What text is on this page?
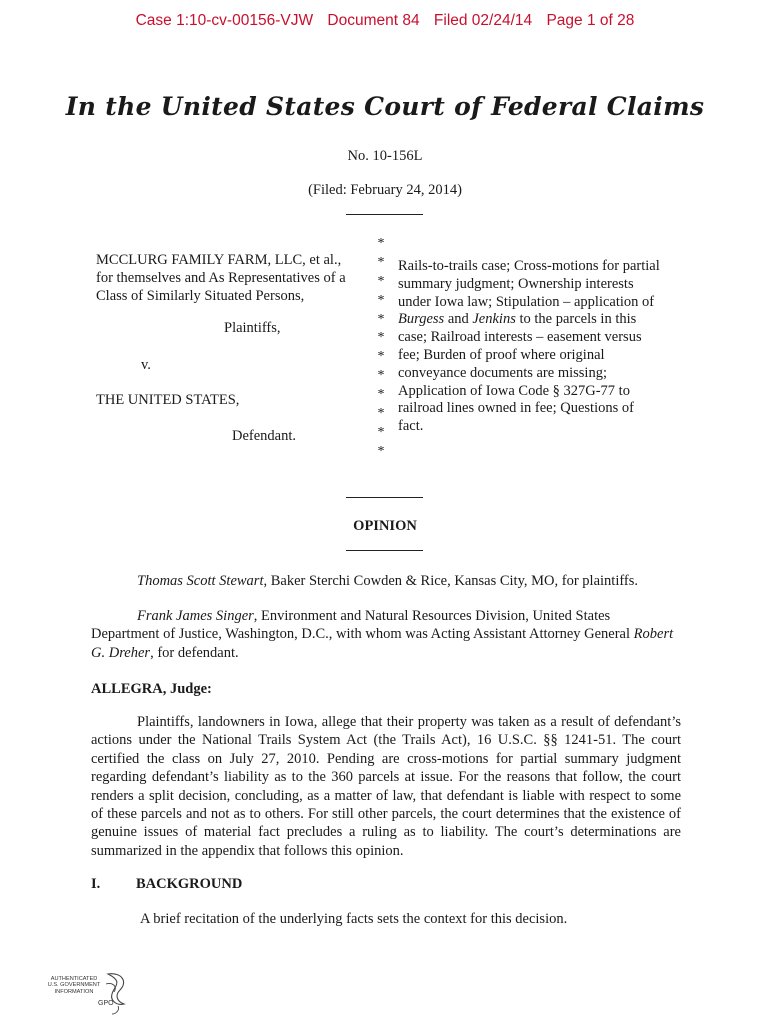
Case 1:10-cv-00156-VJW Document 84 Filed 02/24/14 Page 1 of 28
In the United States Court of Federal Claims
No. 10-156L
(Filed: February 24, 2014)
MCCLURG FAMILY FARM, LLC, et al.,
for themselves and As Representatives of a
Class of Similarly Situated Persons,
Plaintiffs,
v.
THE UNITED STATES,
Defendant.
*
*
*
*
*
*
*
*
*
*
*
*
Rails-to-trails case; Cross-motions for partial
summary judgment; Ownership interests
under Iowa law; Stipulation – application of
Burgess and Jenkins to the parcels in this
case; Railroad interests – easement versus
fee; Burden of proof where original
conveyance documents are missing;
Application of Iowa Code § 327G-77 to
railroad lines owned in fee; Questions of
fact.
OPINION
Thomas Scott Stewart, Baker Sterchi Cowden & Rice, Kansas City, MO, for plaintiffs.
Frank James Singer, Environment and Natural Resources Division, United States Department of Justice, Washington, D.C., with whom was Acting Assistant Attorney General Robert G. Dreher, for defendant.
ALLEGRA, Judge:
Plaintiffs, landowners in Iowa, allege that their property was taken as a result of defendant’s actions under the National Trails System Act (the Trails Act), 16 U.S.C. §§ 1241-51. The court certified the class on July 27, 2010. Pending are cross-motions for partial summary judgment regarding defendant’s liability as to the 360 parcels at issue. For the reasons that follow, the court renders a split decision, concluding, as a matter of law, that defendant is liable with respect to some of these parcels and not as to others. For still other parcels, the court determines that the existence of genuine issues of material fact precludes a ruling as to liability. The court’s determinations are summarized in the appendix that follows this opinion.
I. BACKGROUND
A brief recitation of the underlying facts sets the context for this decision.
AUTHENTICATED
U.S. GOVERNMENT
INFORMATION
GPO
